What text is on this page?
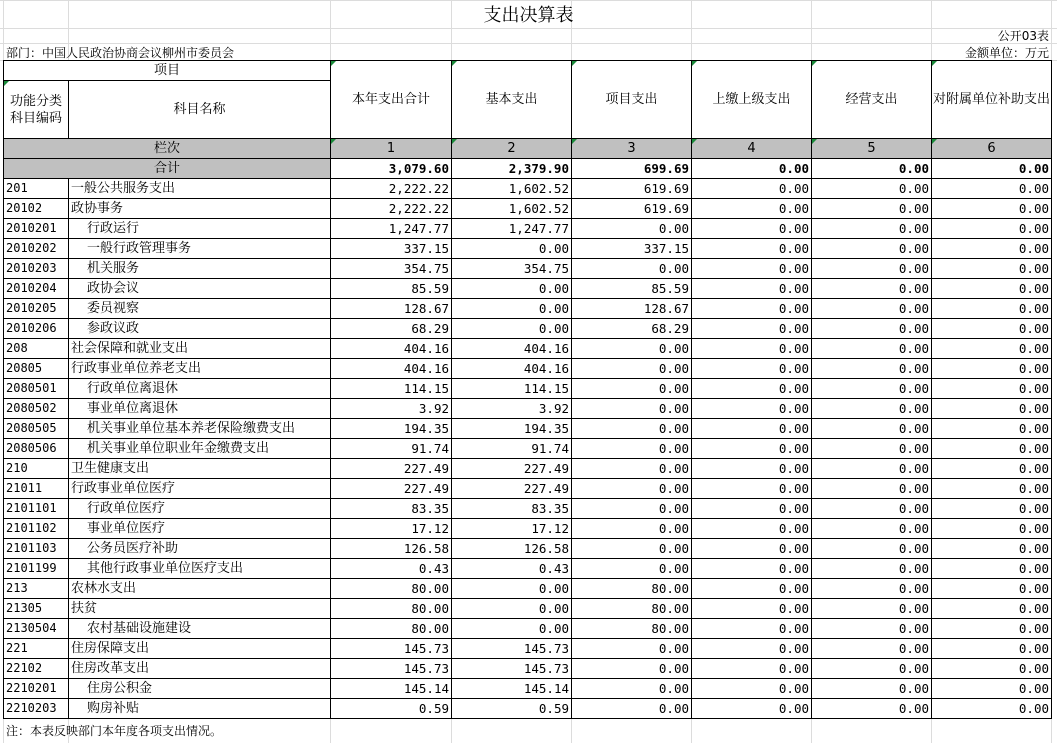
支出决算表
公开03表
部门：中国人民政治协商会议柳州市委员会	金额单位：万元
项目		本年支出合计	基本支出	项目支出	上缴上级支出	经营支出	对附属单位补助支出
功能分类科目编码	科目名称						
栏次		1	2	3	4	5	6
合计		3,079.60	2,379.90	699.69	0.00	0.00	0.00
201	一般公共服务支出	2,222.22	1,602.52	619.69	0.00	0.00	0.00
20102	政协事务	2,222.22	1,602.52	619.69	0.00	0.00	0.00
2010201	行政运行	1,247.77	1,247.77	0.00	0.00	0.00	0.00
2010202	一般行政管理事务	337.15	0.00	337.15	0.00	0.00	0.00
2010203	机关服务	354.75	354.75	0.00	0.00	0.00	0.00
2010204	政协会议	85.59	0.00	85.59	0.00	0.00	0.00
2010205	委员视察	128.67	0.00	128.67	0.00	0.00	0.00
2010206	参政议政	68.29	0.00	68.29	0.00	0.00	0.00
208	社会保障和就业支出	404.16	404.16	0.00	0.00	0.00	0.00
20805	行政事业单位养老支出	404.16	404.16	0.00	0.00	0.00	0.00
2080501	行政单位离退休	114.15	114.15	0.00	0.00	0.00	0.00
2080502	事业单位离退休	3.92	3.92	0.00	0.00	0.00	0.00
2080505	机关事业单位基本养老保险缴费支出	194.35	194.35	0.00	0.00	0.00	0.00
2080506	机关事业单位职业年金缴费支出	91.74	91.74	0.00	0.00	0.00	0.00
210	卫生健康支出	227.49	227.49	0.00	0.00	0.00	0.00
21011	行政事业单位医疗	227.49	227.49	0.00	0.00	0.00	0.00
2101101	行政单位医疗	83.35	83.35	0.00	0.00	0.00	0.00
2101102	事业单位医疗	17.12	17.12	0.00	0.00	0.00	0.00
2101103	公务员医疗补助	126.58	126.58	0.00	0.00	0.00	0.00
2101199	其他行政事业单位医疗支出	0.43	0.43	0.00	0.00	0.00	0.00
213	农林水支出	80.00	0.00	80.00	0.00	0.00	0.00
21305	扶贫	80.00	0.00	80.00	0.00	0.00	0.00
2130504	农村基础设施建设	80.00	0.00	80.00	0.00	0.00	0.00
221	住房保障支出	145.73	145.73	0.00	0.00	0.00	0.00
22102	住房改革支出	145.73	145.73	0.00	0.00	0.00	0.00
2210201	住房公积金	145.14	145.14	0.00	0.00	0.00	0.00
2210203	购房补贴	0.59	0.59	0.00	0.00	0.00	0.00
注：本表反映部门本年度各项支出情况。
